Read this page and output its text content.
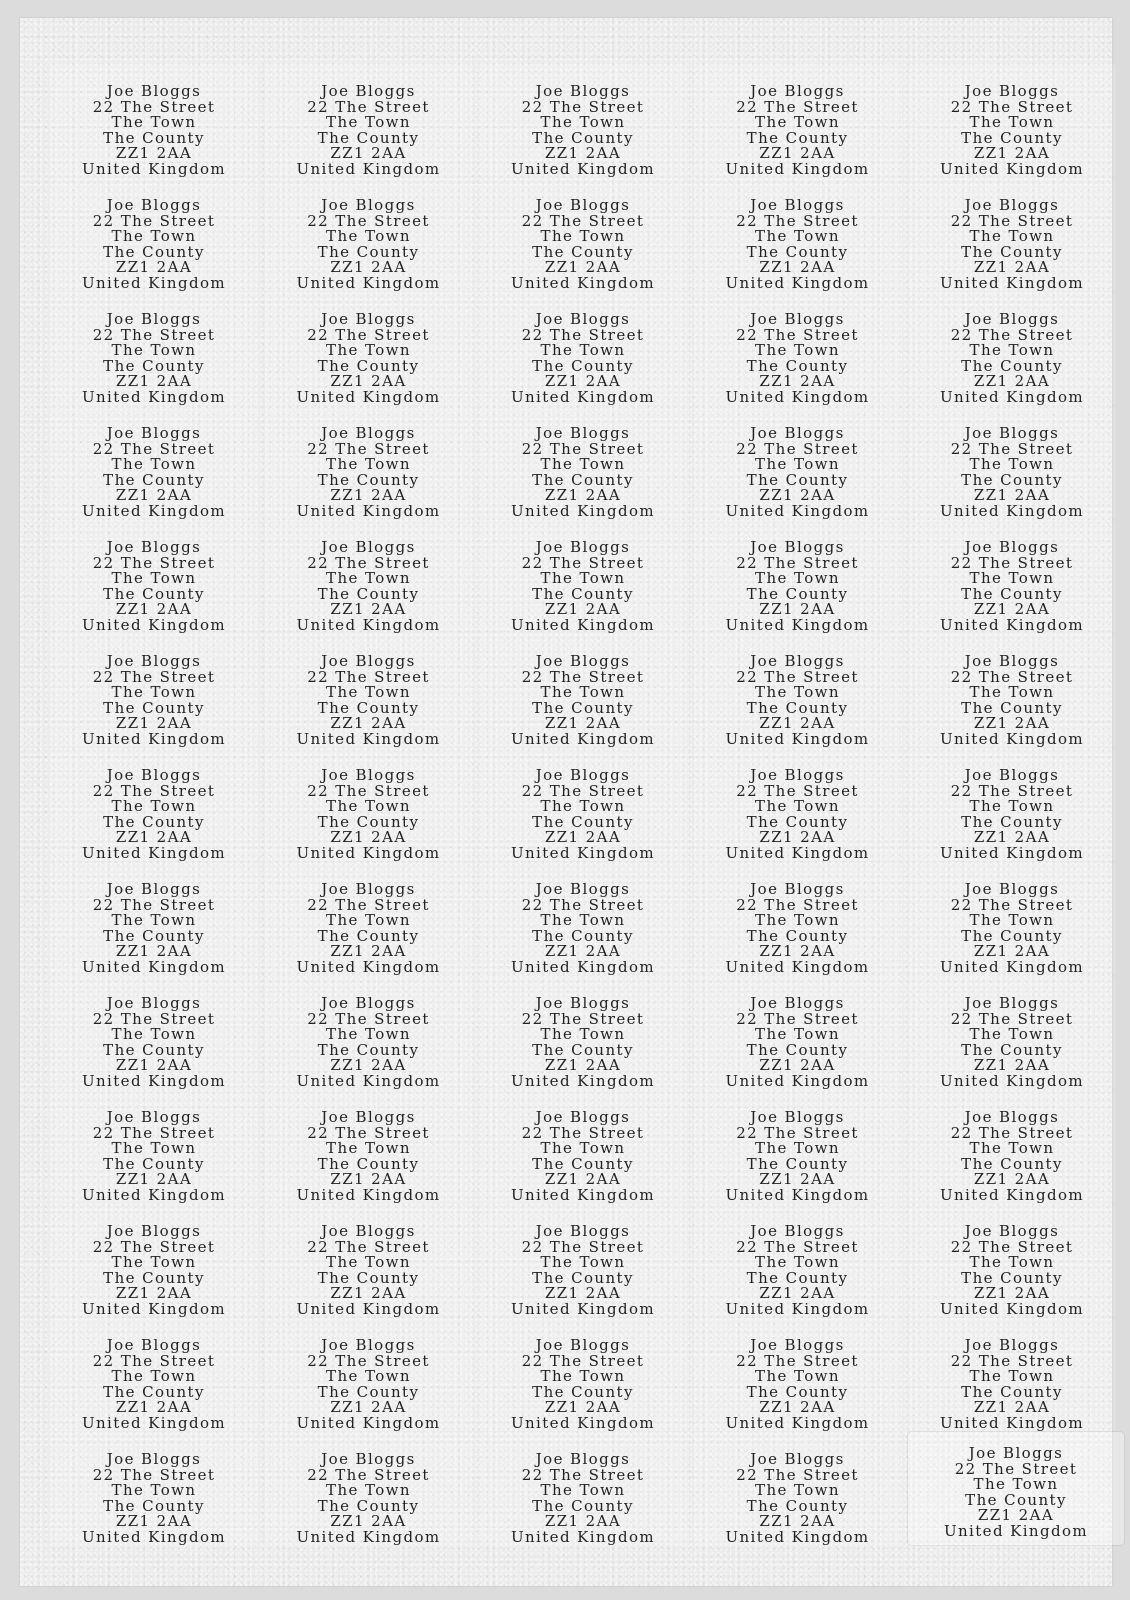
Joe Bloggs
22 The Street
The Town
The County
ZZ1 2AA
United Kingdom
Joe Bloggs
22 The Street
The Town
The County
ZZ1 2AA
United Kingdom
Joe Bloggs
22 The Street
The Town
The County
ZZ1 2AA
United Kingdom
Joe Bloggs
22 The Street
The Town
The County
ZZ1 2AA
United Kingdom
Joe Bloggs
22 The Street
The Town
The County
ZZ1 2AA
United Kingdom
Joe Bloggs
22 The Street
The Town
The County
ZZ1 2AA
United Kingdom
Joe Bloggs
22 The Street
The Town
The County
ZZ1 2AA
United Kingdom
Joe Bloggs
22 The Street
The Town
The County
ZZ1 2AA
United Kingdom
Joe Bloggs
22 The Street
The Town
The County
ZZ1 2AA
United Kingdom
Joe Bloggs
22 The Street
The Town
The County
ZZ1 2AA
United Kingdom
Joe Bloggs
22 The Street
The Town
The County
ZZ1 2AA
United Kingdom
Joe Bloggs
22 The Street
The Town
The County
ZZ1 2AA
United Kingdom
Joe Bloggs
22 The Street
The Town
The County
ZZ1 2AA
United Kingdom
Joe Bloggs
22 The Street
The Town
The County
ZZ1 2AA
United Kingdom
Joe Bloggs
22 The Street
The Town
The County
ZZ1 2AA
United Kingdom
Joe Bloggs
22 The Street
The Town
The County
ZZ1 2AA
United Kingdom
Joe Bloggs
22 The Street
The Town
The County
ZZ1 2AA
United Kingdom
Joe Bloggs
22 The Street
The Town
The County
ZZ1 2AA
United Kingdom
Joe Bloggs
22 The Street
The Town
The County
ZZ1 2AA
United Kingdom
Joe Bloggs
22 The Street
The Town
The County
ZZ1 2AA
United Kingdom
Joe Bloggs
22 The Street
The Town
The County
ZZ1 2AA
United Kingdom
Joe Bloggs
22 The Street
The Town
The County
ZZ1 2AA
United Kingdom
Joe Bloggs
22 The Street
The Town
The County
ZZ1 2AA
United Kingdom
Joe Bloggs
22 The Street
The Town
The County
ZZ1 2AA
United Kingdom
Joe Bloggs
22 The Street
The Town
The County
ZZ1 2AA
United Kingdom
Joe Bloggs
22 The Street
The Town
The County
ZZ1 2AA
United Kingdom
Joe Bloggs
22 The Street
The Town
The County
ZZ1 2AA
United Kingdom
Joe Bloggs
22 The Street
The Town
The County
ZZ1 2AA
United Kingdom
Joe Bloggs
22 The Street
The Town
The County
ZZ1 2AA
United Kingdom
Joe Bloggs
22 The Street
The Town
The County
ZZ1 2AA
United Kingdom
Joe Bloggs
22 The Street
The Town
The County
ZZ1 2AA
United Kingdom
Joe Bloggs
22 The Street
The Town
The County
ZZ1 2AA
United Kingdom
Joe Bloggs
22 The Street
The Town
The County
ZZ1 2AA
United Kingdom
Joe Bloggs
22 The Street
The Town
The County
ZZ1 2AA
United Kingdom
Joe Bloggs
22 The Street
The Town
The County
ZZ1 2AA
United Kingdom
Joe Bloggs
22 The Street
The Town
The County
ZZ1 2AA
United Kingdom
Joe Bloggs
22 The Street
The Town
The County
ZZ1 2AA
United Kingdom
Joe Bloggs
22 The Street
The Town
The County
ZZ1 2AA
United Kingdom
Joe Bloggs
22 The Street
The Town
The County
ZZ1 2AA
United Kingdom
Joe Bloggs
22 The Street
The Town
The County
ZZ1 2AA
United Kingdom
Joe Bloggs
22 The Street
The Town
The County
ZZ1 2AA
United Kingdom
Joe Bloggs
22 The Street
The Town
The County
ZZ1 2AA
United Kingdom
Joe Bloggs
22 The Street
The Town
The County
ZZ1 2AA
United Kingdom
Joe Bloggs
22 The Street
The Town
The County
ZZ1 2AA
United Kingdom
Joe Bloggs
22 The Street
The Town
The County
ZZ1 2AA
United Kingdom
Joe Bloggs
22 The Street
The Town
The County
ZZ1 2AA
United Kingdom
Joe Bloggs
22 The Street
The Town
The County
ZZ1 2AA
United Kingdom
Joe Bloggs
22 The Street
The Town
The County
ZZ1 2AA
United Kingdom
Joe Bloggs
22 The Street
The Town
The County
ZZ1 2AA
United Kingdom
Joe Bloggs
22 The Street
The Town
The County
ZZ1 2AA
United Kingdom
Joe Bloggs
22 The Street
The Town
The County
ZZ1 2AA
United Kingdom
Joe Bloggs
22 The Street
The Town
The County
ZZ1 2AA
United Kingdom
Joe Bloggs
22 The Street
The Town
The County
ZZ1 2AA
United Kingdom
Joe Bloggs
22 The Street
The Town
The County
ZZ1 2AA
United Kingdom
Joe Bloggs
22 The Street
The Town
The County
ZZ1 2AA
United Kingdom
Joe Bloggs
22 The Street
The Town
The County
ZZ1 2AA
United Kingdom
Joe Bloggs
22 The Street
The Town
The County
ZZ1 2AA
United Kingdom
Joe Bloggs
22 The Street
The Town
The County
ZZ1 2AA
United Kingdom
Joe Bloggs
22 The Street
The Town
The County
ZZ1 2AA
United Kingdom
Joe Bloggs
22 The Street
The Town
The County
ZZ1 2AA
United Kingdom
Joe Bloggs
22 The Street
The Town
The County
ZZ1 2AA
United Kingdom
Joe Bloggs
22 The Street
The Town
The County
ZZ1 2AA
United Kingdom
Joe Bloggs
22 The Street
The Town
The County
ZZ1 2AA
United Kingdom
Joe Bloggs
22 The Street
The Town
The County
ZZ1 2AA
United Kingdom
Joe Bloggs
22 The Street
The Town
The County
ZZ1 2AA
United Kingdom
